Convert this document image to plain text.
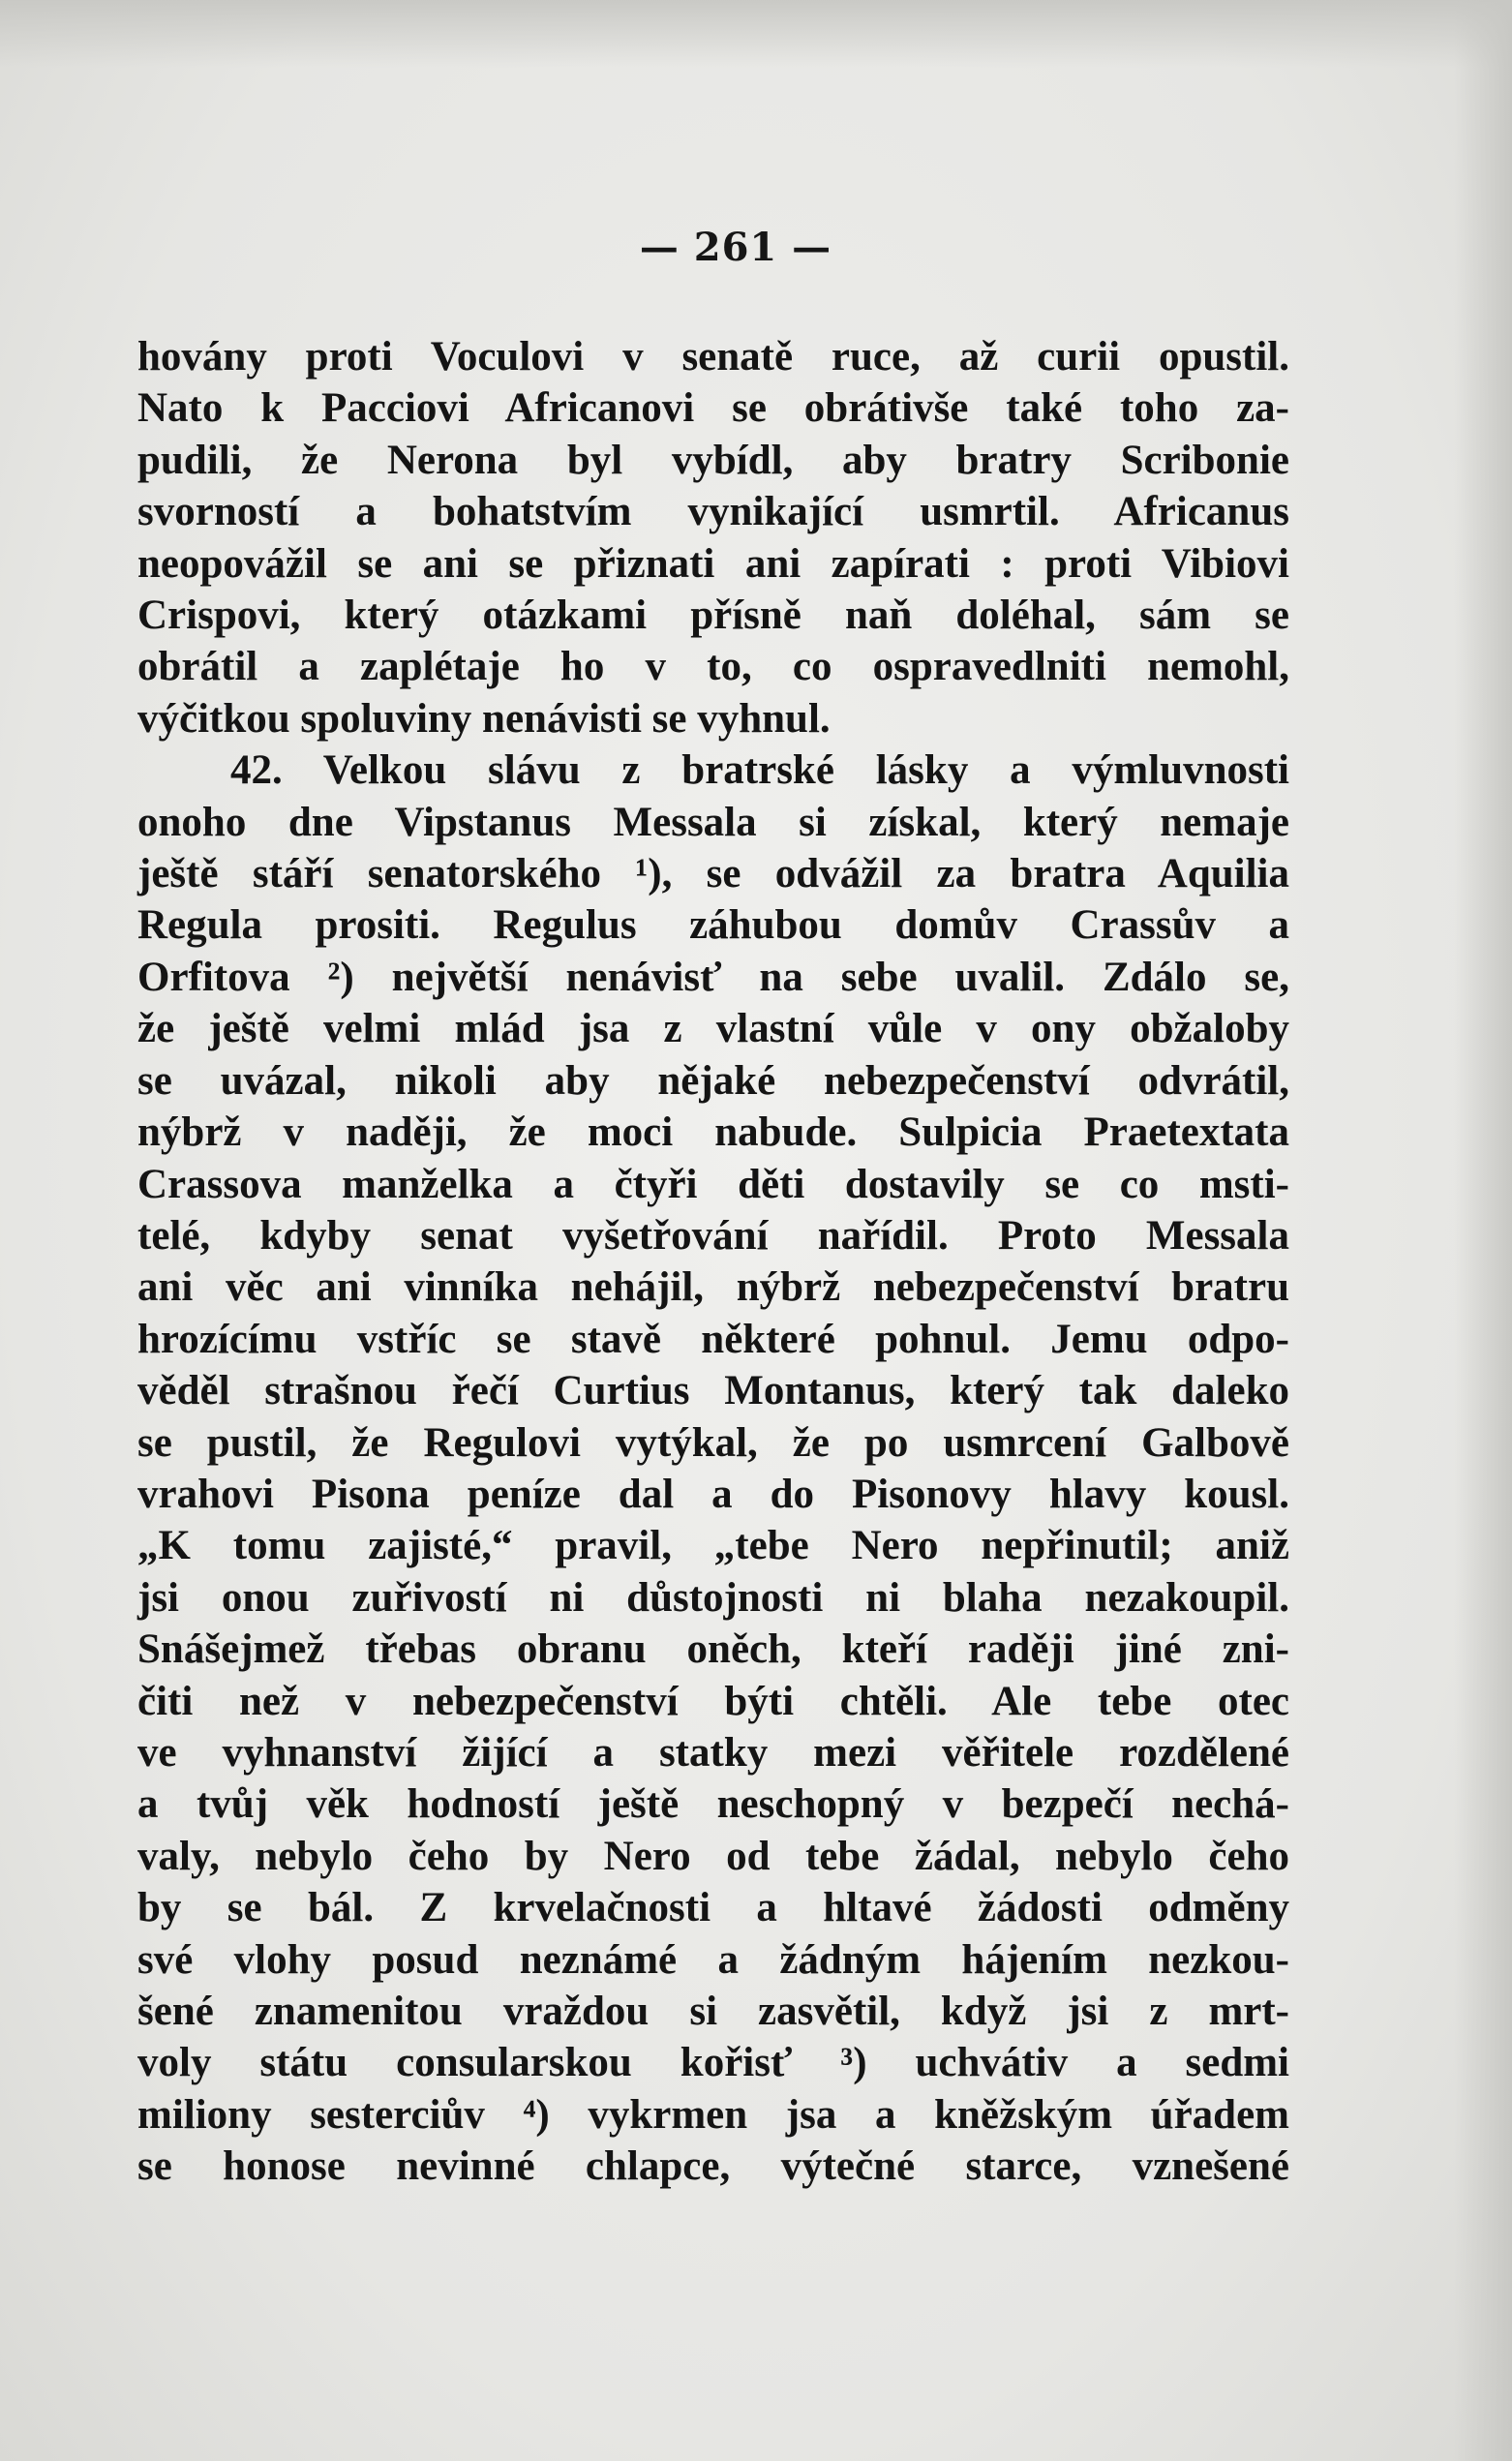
— 261 —
hovány proti Voculovi v senatě ruce, až curii opustil.
Nato k Pacciovi Africanovi se obrátivše také toho za-
pudili, že Nerona byl vybídl, aby bratry Scribonie
svorností a bohatstvím vynikající usmrtil. Africanus
neopovážil se ani se přiznati ani zapírati : proti Vibiovi
Crispovi, který otázkami přísně naň doléhal, sám se
obrátil a zaplétaje ho v to, co ospravedlniti nemohl,
výčitkou spoluviny nenávisti se vyhnul.
42. Velkou slávu z bratrské lásky a výmluvnosti
onoho dne Vipstanus Messala si získal, který nemaje
ještě stáří senatorského ¹), se odvážil za bratra Aquilia
Regula prositi. Regulus záhubou domův Crassův a
Orfitova ²) největší nenávisť na sebe uvalil. Zdálo se,
že ještě velmi mlád jsa z vlastní vůle v ony obžaloby
se uvázal, nikoli aby nějaké nebezpečenství odvrátil,
nýbrž v naději, že moci nabude. Sulpicia Praetextata
Crassova manželka a čtyři děti dostavily se co msti-
telé, kdyby senat vyšetřování nařídil. Proto Messala
ani věc ani vinníka nehájil, nýbrž nebezpečenství bratru
hrozícímu vstříc se stavě některé pohnul. Jemu odpo-
věděl strašnou řečí Curtius Montanus, který tak daleko
se pustil, že Regulovi vytýkal, že po usmrcení Galbově
vrahovi Pisona peníze dal a do Pisonovy hlavy kousl.
„K tomu zajisté,“ pravil, „tebe Nero nepřinutil; aniž
jsi onou zuřivostí ni důstojnosti ni blaha nezakoupil.
Snášejmež třebas obranu oněch, kteří raději jiné zni-
čiti než v nebezpečenství býti chtěli. Ale tebe otec
ve vyhnanství žijící a statky mezi věřitele rozdělené
a tvůj věk hodností ještě neschopný v bezpečí nechá-
valy, nebylo čeho by Nero od tebe žádal, nebylo čeho
by se bál. Z krvelačnosti a hltavé žádosti odměny
své vlohy posud neznámé a žádným hájením nezkou-
šené znamenitou vraždou si zasvětil, když jsi z mrt-
voly státu consularskou kořisť ³) uchvátiv a sedmi
miliony sesterciův ⁴) vykrmen jsa a kněžským úřadem
se honose nevinné chlapce, výtečné starce, vznešené
